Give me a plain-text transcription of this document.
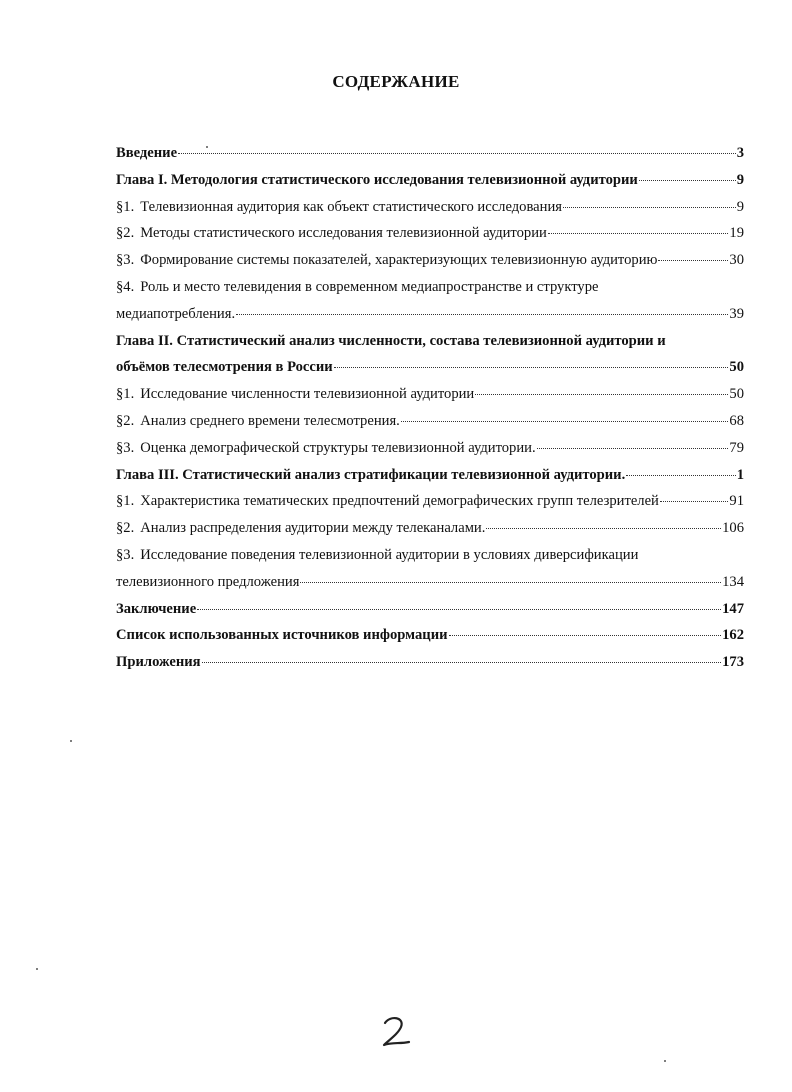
СОДЕРЖАНИЕ
Введение	3
Глава I. Методология статистического исследования телевизионной аудитории	9
§1. Телевизионная аудитория как объект статистического исследования	9
§2. Методы статистического исследования телевизионной аудитории	19
§3. Формирование системы показателей, характеризующих телевизионную аудиторию	30
§4. Роль и место телевидения в современном медиапространстве и структуре
медиапотребления.	39
Глава II. Статистический анализ численности, состава телевизионной аудитории и
объёмов телесмотрения в России	50
§1. Исследование численности телевизионной аудитории	50
§2. Анализ среднего времени телесмотрения.	68
§3. Оценка демографической структуры телевизионной аудитории.	79
Глава III. Статистический анализ стратификации телевизионной аудитории.	1
§1. Характеристика тематических предпочтений демографических групп телезрителей	91
§2. Анализ распределения аудитории между телеканалами.	106
§3. Исследование поведения телевизионной аудитории в условиях диверсификации
телевизионного предложения	134
Заключение	147
Список использованных источников информации	162
Приложения	173
